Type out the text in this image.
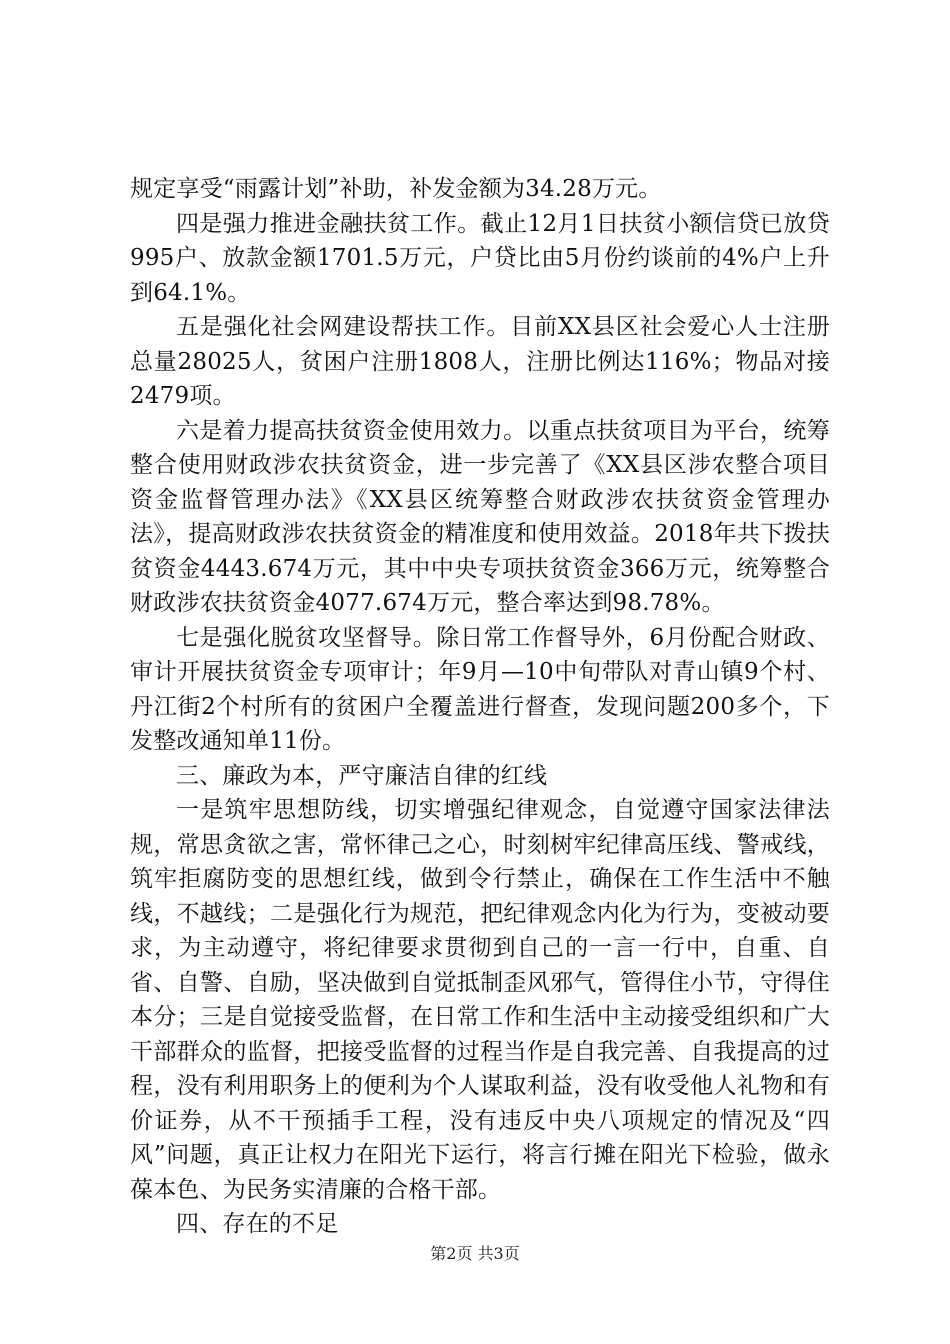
规定享受“雨露计划”补助，补发金额为34.28万元。

四是强力推进金融扶贫工作。截止12月1日扶贫小额信贷已放贷995户、放款金额1701.5万元，户贷比由5月份约谈前的4%户上升到64.1%。

五是强化社会网建设帮扶工作。目前XX县区社会爱心人士注册总量28025人，贫困户注册1808人，注册比例达116%；物品对接2479项。

六是着力提高扶贫资金使用效力。以重点扶贫项目为平台，统筹整合使用财政涉农扶贫资金，进一步完善了《XX县区涉农整合项目资金监督管理办法》《XX县区统筹整合财政涉农扶贫资金管理办法》，提高财政涉农扶贫资金的精准度和使用效益。2018年共下拨扶贫资金4443.674万元，其中中央专项扶贫资金366万元，统筹整合财政涉农扶贫资金4077.674万元，整合率达到98.78%。

七是强化脱贫攻坚督导。除日常工作督导外，6月份配合财政、审计开展扶贫资金专项审计；年9月—10中旬带队对青山镇9个村、丹江街2个村所有的贫困户全覆盖进行督查，发现问题200多个，下发整改通知单11份。

三、廉政为本，严守廉洁自律的红线

一是筑牢思想防线，切实增强纪律观念，自觉遵守国家法律法规，常思贪欲之害，常怀律己之心，时刻树牢纪律高压线、警戒线，筑牢拒腐防变的思想红线，做到令行禁止，确保在工作生活中不触线，不越线；二是强化行为规范，把纪律观念内化为行为，变被动要求，为主动遵守，将纪律要求贯彻到自己的一言一行中，自重、自省、自警、自励，坚决做到自觉抵制歪风邪气，管得住小节，守得住本分；三是自觉接受监督，在日常工作和生活中主动接受组织和广大干部群众的监督，把接受监督的过程当作是自我完善、自我提高的过程，没有利用职务上的便利为个人谋取利益，没有收受他人礼物和有价证券，从不干预插手工程，没有违反中央八项规定的情况及“四风”问题，真正让权力在阳光下运行，将言行摊在阳光下检验，做永葆本色、为民务实清廉的合格干部。

四、存在的不足

第2页 共3页
